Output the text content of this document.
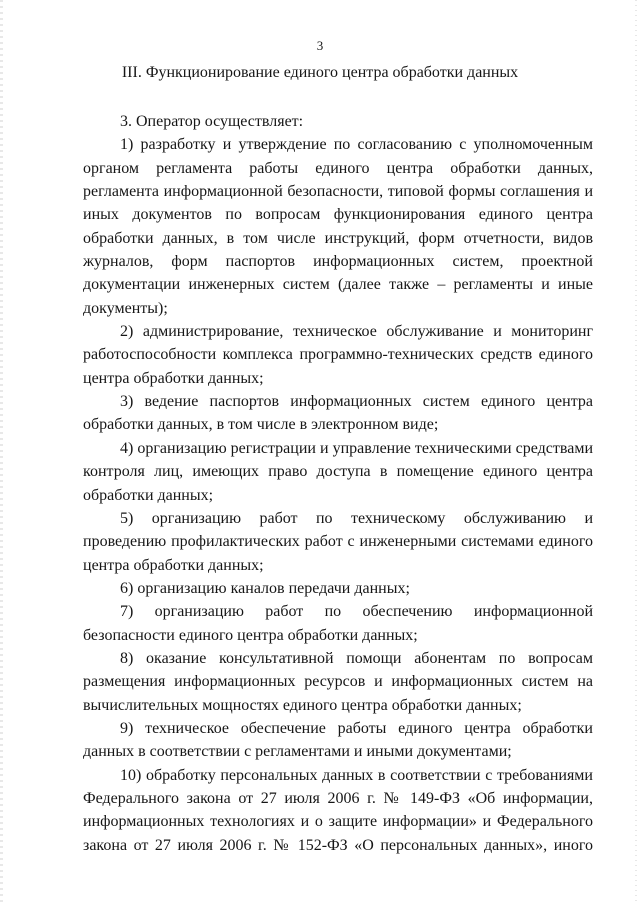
3
III. Функционирование единого центра обработки данных

3. Оператор осуществляет:

1) разработку и утверждение по согласованию с уполномоченным органом регламента работы единого центра обработки данных, регламента информационной безопасности, типовой формы соглашения и иных документов по вопросам функционирования единого центра обработки данных, в том числе инструкций, форм отчетности, видов журналов, форм паспортов информационных систем, проектной документации инженерных систем (далее также – регламенты и иные документы);

2) администрирование, техническое обслуживание и мониторинг работоспособности комплекса программно-технических средств единого центра обработки данных;

3) ведение паспортов информационных систем единого центра обработки данных, в том числе в электронном виде;

4) организацию регистрации и управление техническими средствами контроля лиц, имеющих право доступа в помещение единого центра обработки данных;

5) организацию работ по техническому обслуживанию и проведению профилактических работ с инженерными системами единого центра обработки данных;

6) организацию каналов передачи данных;

7) организацию работ по обеспечению информационной безопасности единого центра обработки данных;

8) оказание консультативной помощи абонентам по вопросам размещения информационных ресурсов и информационных систем на вычислительных мощностях единого центра обработки данных;

9) техническое обеспечение работы единого центра обработки данных в соответствии с регламентами и иными документами;

10) обработку персональных данных в соответствии с требованиями Федерального закона от 27 июля 2006 г. № 149-ФЗ «Об информации, информационных технологиях и о защите информации» и Федерального закона от 27 июля 2006 г. № 152-ФЗ «О персональных данных», иного
